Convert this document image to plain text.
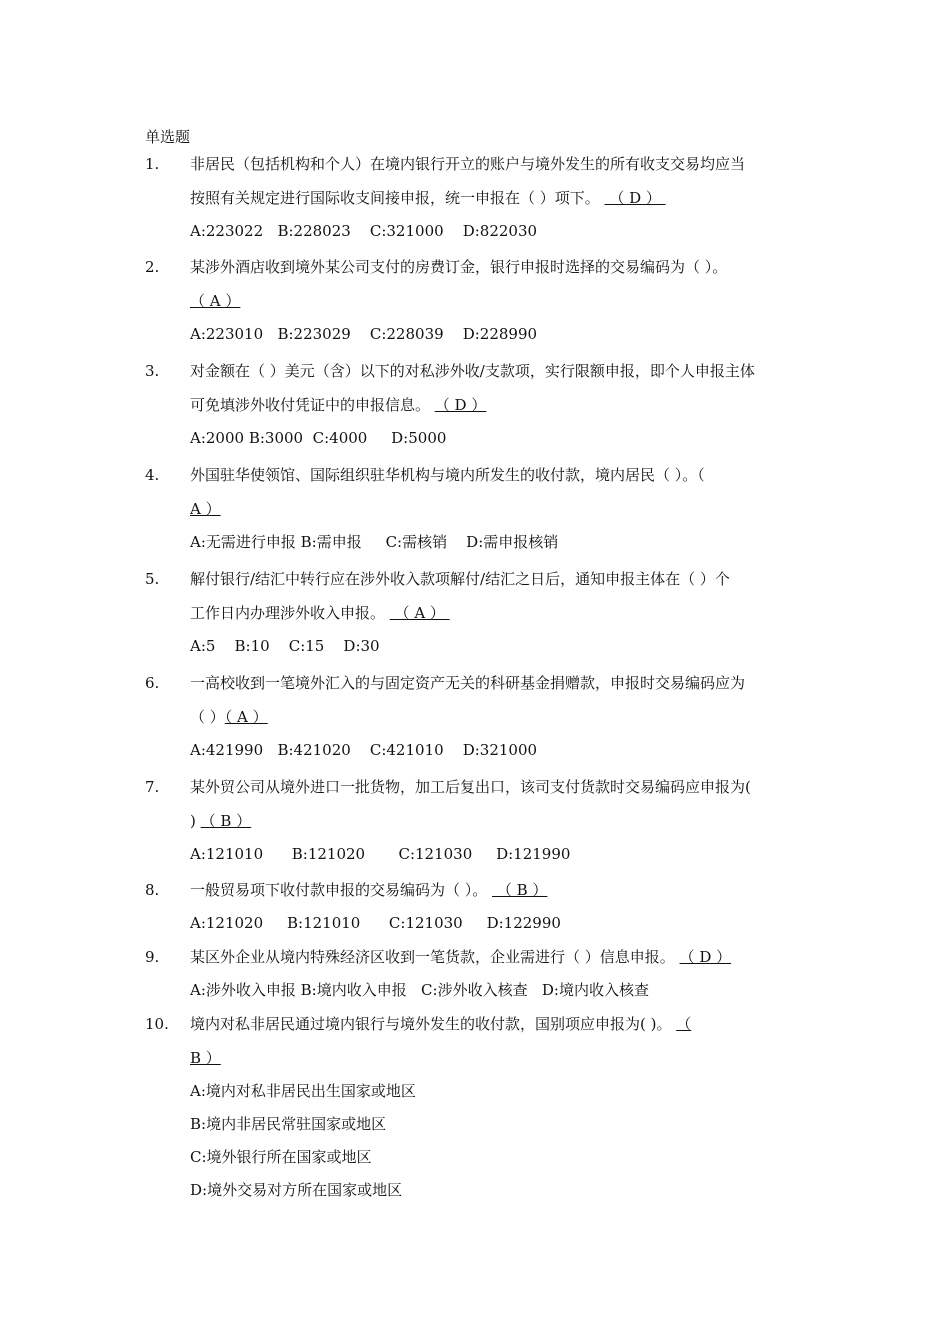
单选题
1.	非居民（包括机构和个人）在境内银行开立的账户与境外发生的所有收支交易均应当
按照有关规定进行国际收支间接申报，统一申报在（ ）项下。  （ D ）
A:223022   B:228023    C:321000    D:822030
2.	某涉外酒店收到境外某公司支付的房费订金，银行申报时选择的交易编码为（ ）。
（ A ）
A:223010   B:223029    C:228039    D:228990
3.	对金额在（ ）美元（含）以下的对私涉外收/支款项，实行限额申报，即个人申报主体
可免填涉外收付凭证中的申报信息。 （ D ）
A:2000 B:3000  C:4000     D:5000
4.	外国驻华使领馆、国际组织驻华机构与境内所发生的收付款，境内居民（ ）。（
A ）
A:无需进行申报 B:需申报     C:需核销    D:需申报核销
5.	解付银行/结汇中转行应在涉外收入款项解付/结汇之日后，通知申报主体在（ ）个
工作日内办理涉外收入申报。  （ A ）
A:5    B:10    C:15    D:30
6.	一高校收到一笔境外汇入的与固定资产无关的科研基金捐赠款，申报时交易编码应为
（ ）（ A ）
A:421990   B:421020    C:421010    D:321000
7.	某外贸公司从境外进口一批货物，加工后复出口，该司支付货款时交易编码应申报为(
) （ B ）
A:121010      B:121020       C:121030     D:121990
8.	一般贸易项下收付款申报的交易编码为（ ）。  （ B ）
A:121020     B:121010      C:121030     D:122990
9.	某区外企业从境内特殊经济区收到一笔货款，企业需进行（ ）信息申报。 （ D ）
A:涉外收入申报 B:境内收入申报   C:涉外收入核查   D:境内收入核查
10.	境内对私非居民通过境内银行与境外发生的收付款，国别项应申报为( )。 （
B ）
A:境内对私非居民出生国家或地区
B:境内非居民常驻国家或地区
C:境外银行所在国家或地区
D:境外交易对方所在国家或地区
